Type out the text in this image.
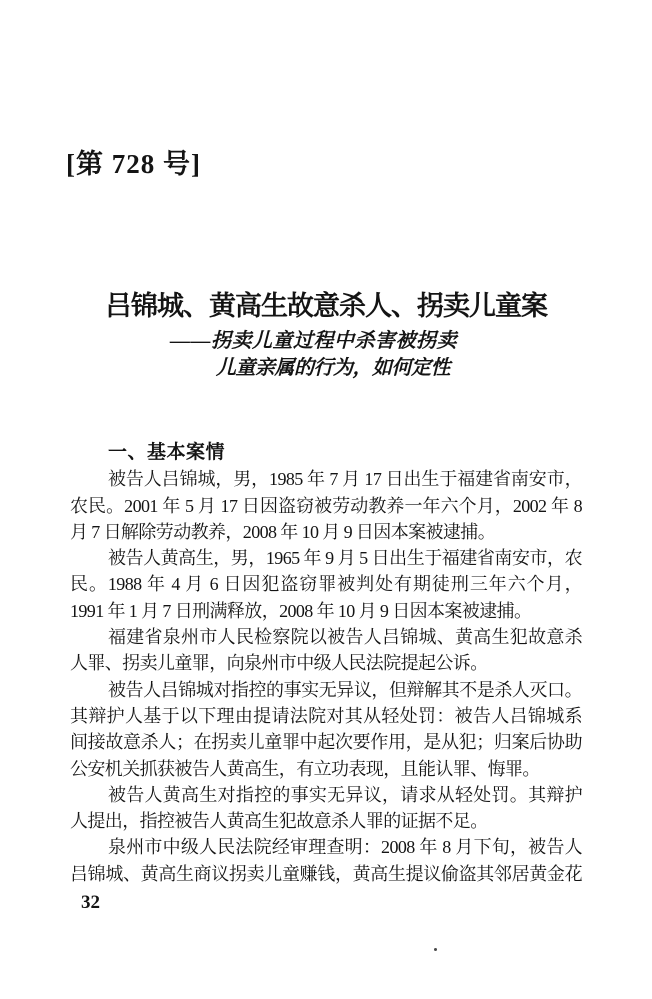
[第 728 号]
吕锦城、黄高生故意杀人、拐卖儿童案
——拐卖儿童过程中杀害被拐卖
儿童亲属的行为，如何定性
一、基本案情
被告人吕锦城，男，1985 年 7 月 17 日出生于福建省南安市，
农民。2001 年 5 月 17 日因盗窃被劳动教养一年六个月，2002 年 8
月 7 日解除劳动教养，2008 年 10 月 9 日因本案被逮捕。
被告人黄高生，男，1965 年 9 月 5 日出生于福建省南安市，农
民。1988 年 4 月 6 日因犯盗窃罪被判处有期徒刑三年六个月，
1991 年 1 月 7 日刑满释放，2008 年 10 月 9 日因本案被逮捕。
福建省泉州市人民检察院以被告人吕锦城、黄高生犯故意杀
人罪、拐卖儿童罪，向泉州市中级人民法院提起公诉。
被告人吕锦城对指控的事实无异议，但辩解其不是杀人灭口。
其辩护人基于以下理由提请法院对其从轻处罚：被告人吕锦城系
间接故意杀人；在拐卖儿童罪中起次要作用，是从犯；归案后协助
公安机关抓获被告人黄高生，有立功表现，且能认罪、悔罪。
被告人黄高生对指控的事实无异议，请求从轻处罚。其辩护
人提出，指控被告人黄高生犯故意杀人罪的证据不足。
泉州市中级人民法院经审理查明：2008 年 8 月下旬，被告人
吕锦城、黄高生商议拐卖儿童赚钱，黄高生提议偷盗其邻居黄金花
32
